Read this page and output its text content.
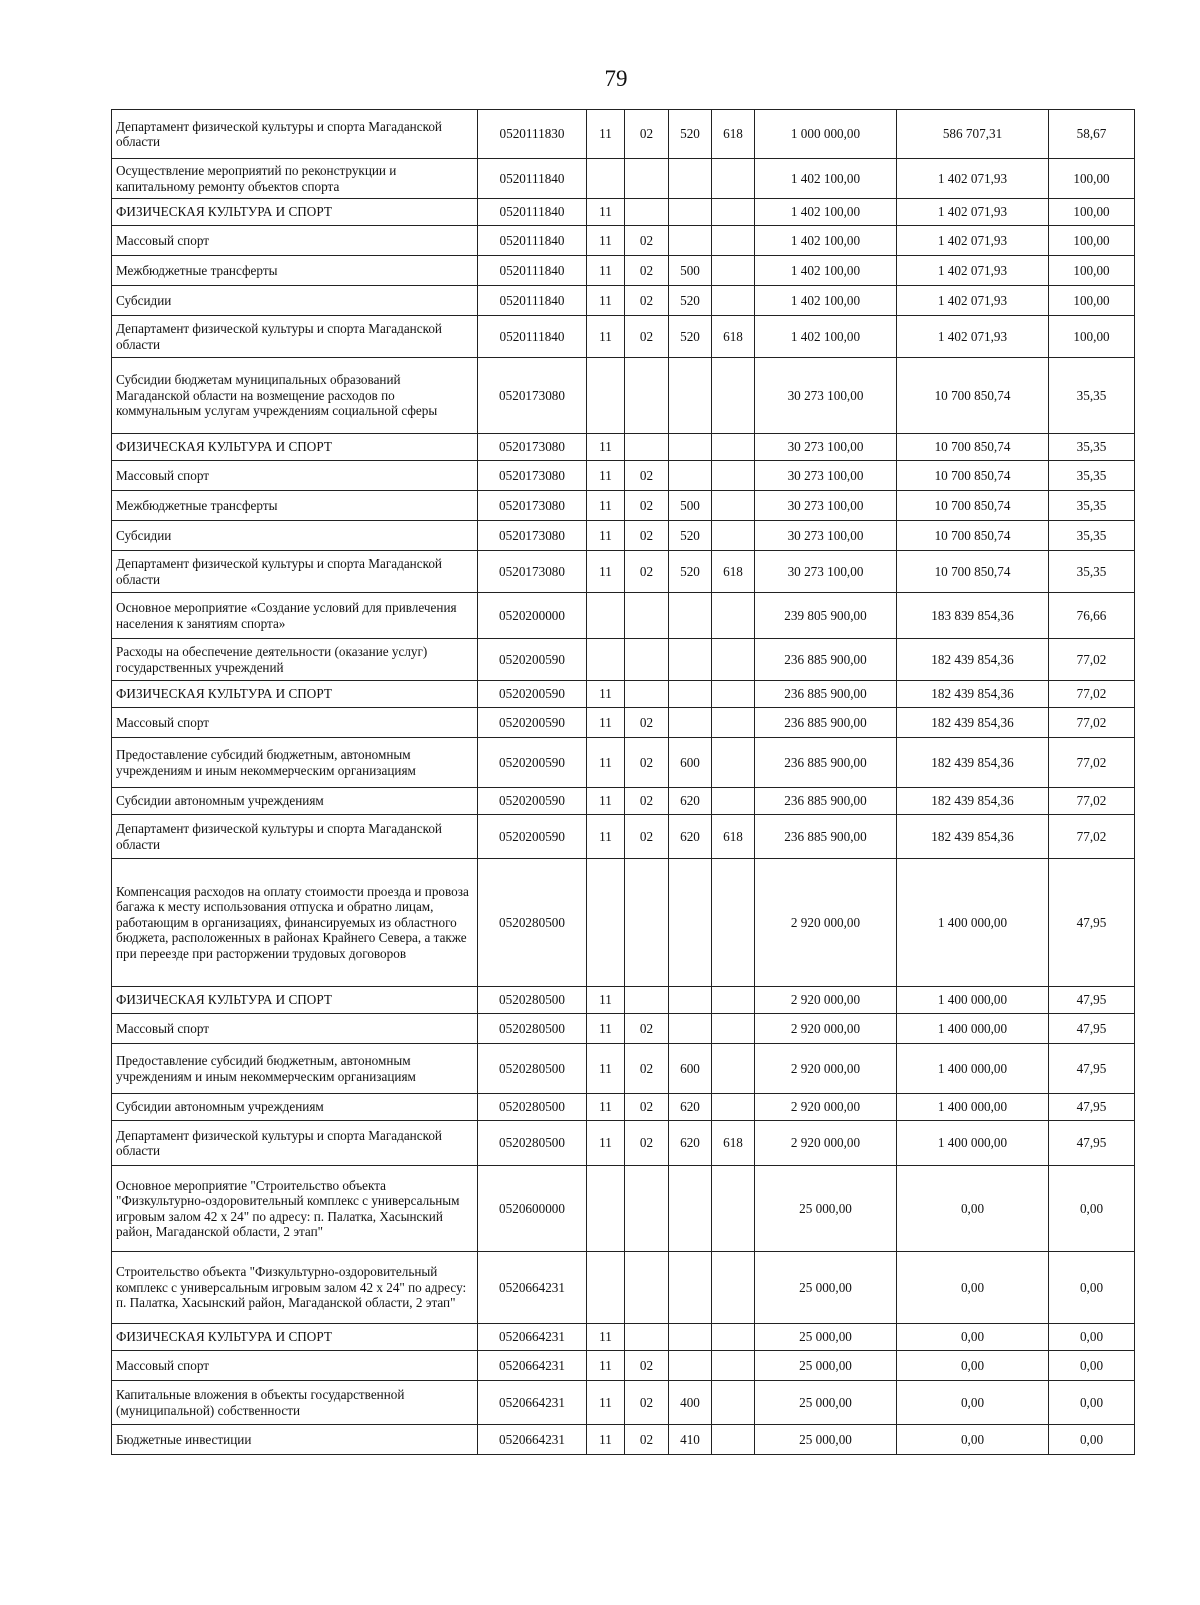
79
Департамент физической культуры и спорта Магаданской области	0520111830	11	02	520	618	1 000 000,00	586 707,31	58,67
Осуществление мероприятий по реконструкции и капитальному ремонту объектов спорта	0520111840					1 402 100,00	1 402 071,93	100,00
ФИЗИЧЕСКАЯ КУЛЬТУРА И СПОРТ	0520111840	11				1 402 100,00	1 402 071,93	100,00
Массовый спорт	0520111840	11	02			1 402 100,00	1 402 071,93	100,00
Межбюджетные трансферты	0520111840	11	02	500		1 402 100,00	1 402 071,93	100,00
Субсидии	0520111840	11	02	520		1 402 100,00	1 402 071,93	100,00
Департамент физической культуры и спорта Магаданской области	0520111840	11	02	520	618	1 402 100,00	1 402 071,93	100,00
Субсидии бюджетам муниципальных образований Магаданской области на возмещение расходов по коммунальным услугам учреждениям социальной сферы	0520173080					30 273 100,00	10 700 850,74	35,35
ФИЗИЧЕСКАЯ КУЛЬТУРА И СПОРТ	0520173080	11				30 273 100,00	10 700 850,74	35,35
Массовый спорт	0520173080	11	02			30 273 100,00	10 700 850,74	35,35
Межбюджетные трансферты	0520173080	11	02	500		30 273 100,00	10 700 850,74	35,35
Субсидии	0520173080	11	02	520		30 273 100,00	10 700 850,74	35,35
Департамент физической культуры и спорта Магаданской области	0520173080	11	02	520	618	30 273 100,00	10 700 850,74	35,35
Основное мероприятие «Создание условий для привлечения населения к занятиям спорта»	0520200000					239 805 900,00	183 839 854,36	76,66
Расходы на обеспечение деятельности (оказание услуг) государственных учреждений	0520200590					236 885 900,00	182 439 854,36	77,02
ФИЗИЧЕСКАЯ КУЛЬТУРА И СПОРТ	0520200590	11				236 885 900,00	182 439 854,36	77,02
Массовый спорт	0520200590	11	02			236 885 900,00	182 439 854,36	77,02
Предоставление субсидий бюджетным, автономным учреждениям и иным некоммерческим организациям	0520200590	11	02	600		236 885 900,00	182 439 854,36	77,02
Субсидии автономным учреждениям	0520200590	11	02	620		236 885 900,00	182 439 854,36	77,02
Департамент физической культуры и спорта Магаданской области	0520200590	11	02	620	618	236 885 900,00	182 439 854,36	77,02
Компенсация расходов на оплату стоимости проезда и провоза багажа к месту использования отпуска и обратно лицам, работающим в организациях, финансируемых из областного бюджета, расположенных в районах Крайнего Севера, а также при переезде при расторжении трудовых договоров	0520280500					2 920 000,00	1 400 000,00	47,95
ФИЗИЧЕСКАЯ КУЛЬТУРА И СПОРТ	0520280500	11				2 920 000,00	1 400 000,00	47,95
Массовый спорт	0520280500	11	02			2 920 000,00	1 400 000,00	47,95
Предоставление субсидий бюджетным, автономным учреждениям и иным некоммерческим организациям	0520280500	11	02	600		2 920 000,00	1 400 000,00	47,95
Субсидии автономным учреждениям	0520280500	11	02	620		2 920 000,00	1 400 000,00	47,95
Департамент физической культуры и спорта Магаданской области	0520280500	11	02	620	618	2 920 000,00	1 400 000,00	47,95
Основное мероприятие "Строительство объекта "Физкультурно-оздоровительный комплекс с универсальным игровым залом 42 х 24" по адресу: п. Палатка, Хасынский район, Магаданской области, 2 этап"	0520600000					25 000,00	0,00	0,00
Строительство объекта "Физкультурно-оздоровительный комплекс с универсальным игровым залом 42 х 24" по адресу: п. Палатка, Хасынский район, Магаданской области, 2 этап"	0520664231					25 000,00	0,00	0,00
ФИЗИЧЕСКАЯ КУЛЬТУРА И СПОРТ	0520664231	11				25 000,00	0,00	0,00
Массовый спорт	0520664231	11	02			25 000,00	0,00	0,00
Капитальные вложения в объекты государственной (муниципальной) собственности	0520664231	11	02	400		25 000,00	0,00	0,00
Бюджетные инвестиции	0520664231	11	02	410		25 000,00	0,00	0,00
